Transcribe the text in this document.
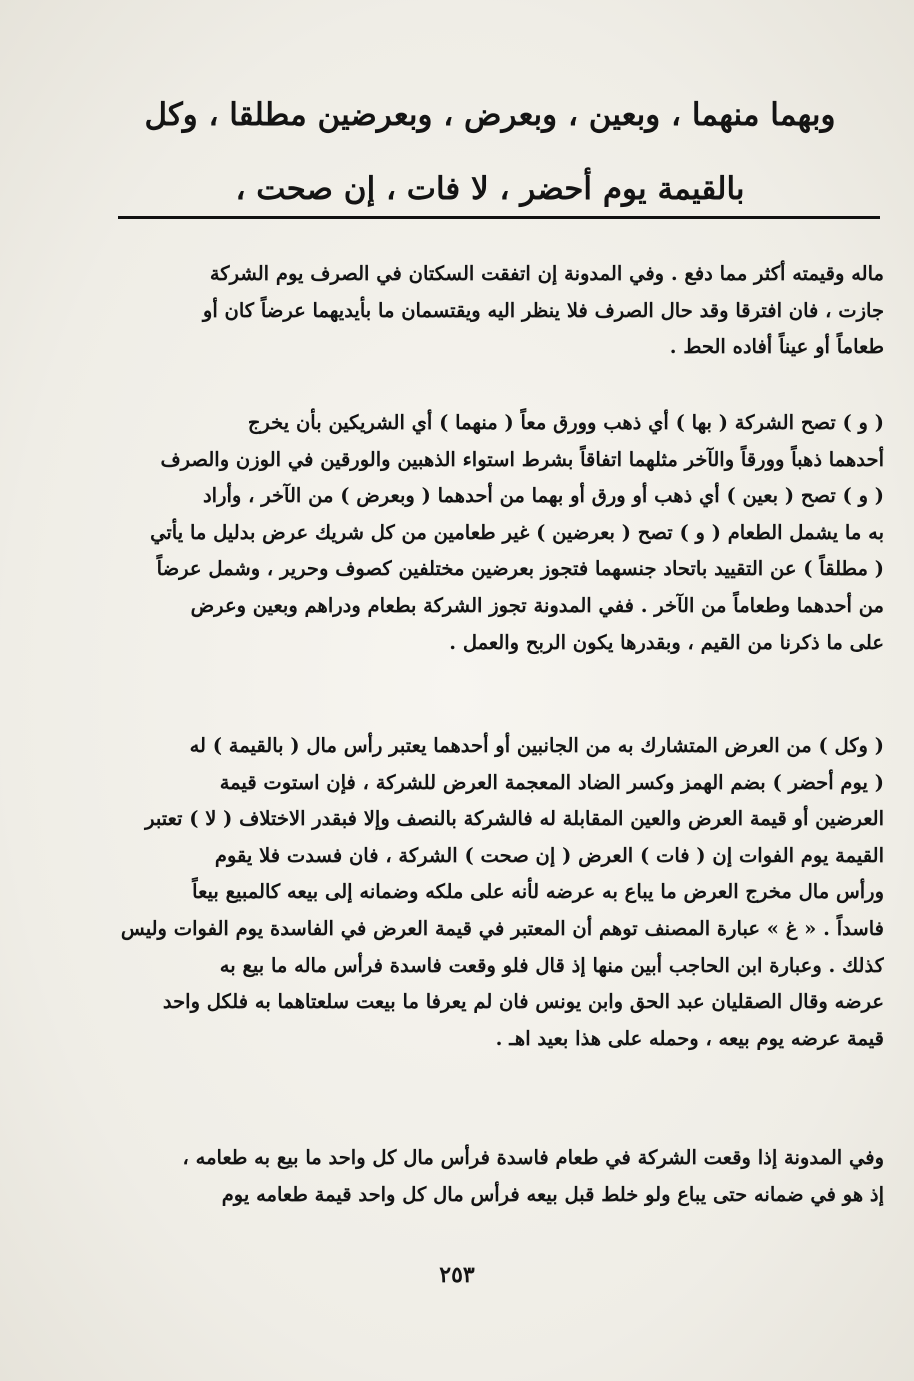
وبهما منهما ، وبعين ، وبعرض ، وبعرضين مطلقا ، وكل
بالقيمة يوم أحضر ، لا فات ، إن صحت ،
ماله وقيمته أكثر مما دفع . وفي المدونة إن اتفقت السكتان في الصرف يوم الشركة
جازت ، فان افترقا وقد حال الصرف فلا ينظر اليه ويقتسمان ما بأيديهما عرضاً كان أو
طعاماً أو عيناً أفاده الحط .
( و ) تصح الشركة ( بها ) أي ذهب وورق معاً ( منهما ) أي الشريكين بأن يخرج
أحدهما ذهباً وورقاً والآخر مثلهما اتفاقاً بشرط استواء الذهبين والورقين في الوزن والصرف
( و ) تصح ( بعين ) أي ذهب أو ورق أو بهما من أحدهما ( وبعرض ) من الآخر ، وأراد
به ما يشمل الطعام ( و ) تصح ( بعرضين ) غير طعامين من كل شريك عرض بدليل ما يأتي
( مطلقاً ) عن التقييد باتحاد جنسهما فتجوز بعرضين مختلفين كصوف وحرير ، وشمل عرضاً
من أحدهما وطعاماً من الآخر . ففي المدونة تجوز الشركة بطعام ودراهم وبعين وعرض
على ما ذكرنا من القيم ، وبقدرها يكون الربح والعمل .
( وكل ) من العرض المتشارك به من الجانبين أو أحدهما يعتبر رأس مال ( بالقيمة ) له
( يوم أحضر ) بضم الهمز وكسر الضاد المعجمة العرض للشركة ، فإن استوت قيمة
العرضين أو قيمة العرض والعين المقابلة له فالشركة بالنصف وإلا فبقدر الاختلاف ( لا ) تعتبر
القيمة يوم الفوات إن ( فات ) العرض ( إن صحت ) الشركة ، فان فسدت فلا يقوم
ورأس مال مخرج العرض ما يباع به عرضه لأنه على ملكه وضمانه إلى بيعه كالمبيع بيعاً
فاسداً . « غ » عبارة المصنف توهم أن المعتبر في قيمة العرض في الفاسدة يوم الفوات وليس
كذلك . وعبارة ابن الحاجب أبين منها إذ قال فلو وقعت فاسدة فرأس ماله ما بيع به
عرضه وقال الصقليان عبد الحق وابن يونس فان لم يعرفا ما بيعت سلعتاهما به فلكل واحد
قيمة عرضه يوم بيعه ، وحمله على هذا بعيد اهـ .
وفي المدونة إذا وقعت الشركة في طعام فاسدة فرأس مال كل واحد ما بيع به طعامه ،
إذ هو في ضمانه حتى يباع ولو خلط قبل بيعه فرأس مال كل واحد قيمة طعامه يوم
٢٥٣
